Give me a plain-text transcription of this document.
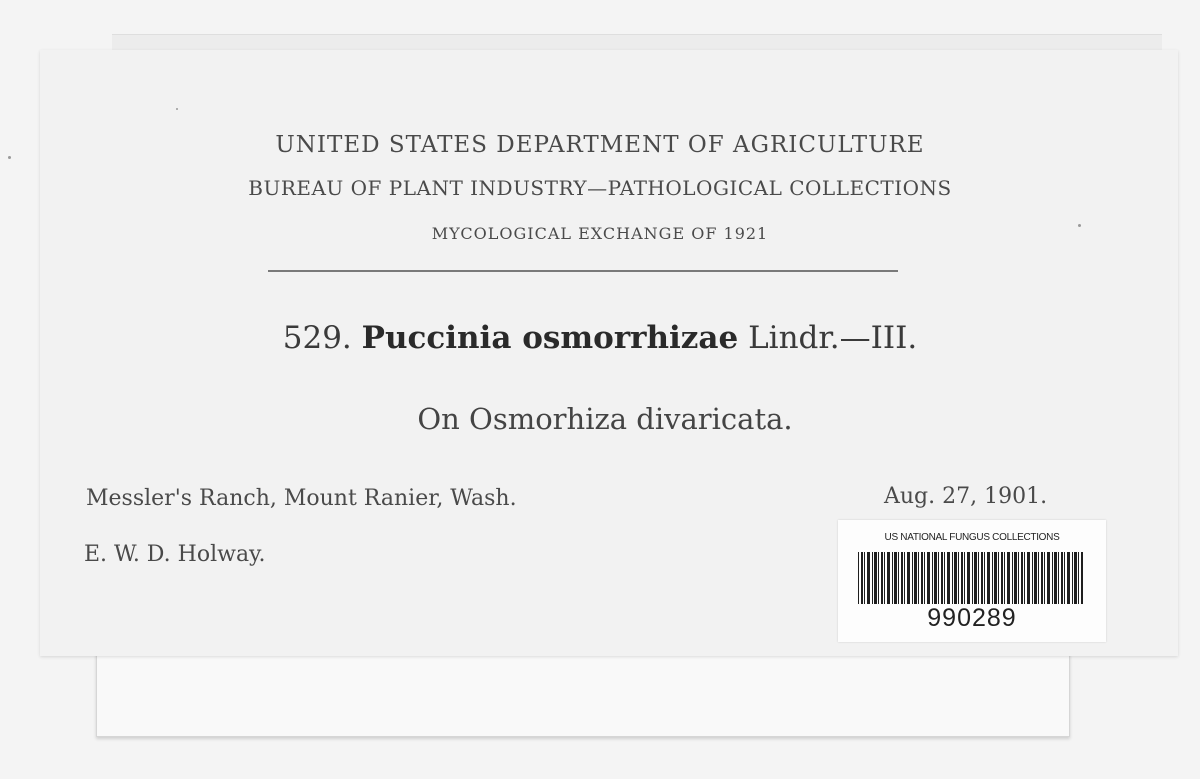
UNITED STATES DEPARTMENT OF AGRICULTURE
BUREAU OF PLANT INDUSTRY—PATHOLOGICAL COLLECTIONS
MYCOLOGICAL EXCHANGE OF 1921
529. Puccinia osmorrhizae Lindr.—III.
On Osmorhiza divaricata.
Messler's Ranch, Mount Ranier, Wash.	Aug. 27, 1901.
E. W. D. Holway.
US NATIONAL FUNGUS COLLECTIONS
990289
